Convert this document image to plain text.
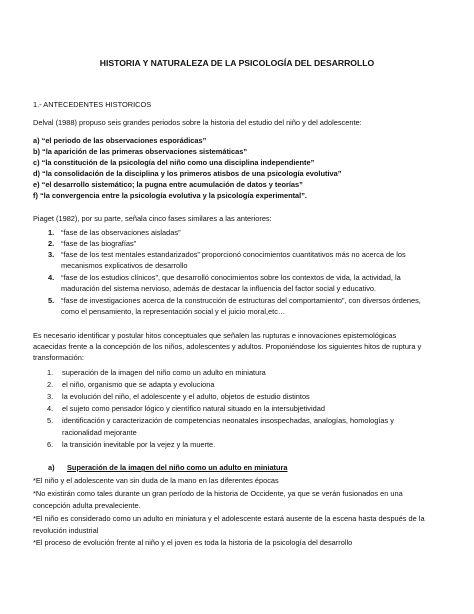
HISTORIA Y NATURALEZA DE LA PSICOLOGÍA DEL DESARROLLO
1.- ANTECEDENTES HISTORICOS
Delval (1988) propuso seis grandes periodos sobre la historia del estudio del niño y del adolescente:
a) “el periodo de las observaciones esporádicas”
b) “la aparición de las primeras observaciones sistemáticas”
c) “la constitución de la psicología del niño como una disciplina independiente”
d) “la consolidación de la disciplina y los primeros atisbos de una psicología evolutiva”
e) “el desarrollo sistemático; la pugna entre acumulación de datos y teorías”
f) “la convergencia entre la psicología evolutiva y la psicología experimental”.
Piaget (1982), por su parte, señala cinco fases similares a las anteriores:
1. “fase de las observaciones aisladas”
2. “fase de las biografías”
3. “fase de los test mentales estandarizados” proporcionó conocimientos cuantitativos más no acerca de los
mecanismos explicativos de desarrollo
4. “fase de los estudios clínicos”, que desarrolló conocimientos sobre los contextos de vida, la actividad, la
maduración del sistema nervioso, además de destacar la influencia del factor social y educativo.
5. “fase de investigaciones acerca de la construcción de estructuras del comportamiento”, con diversos órdenes,
como el pensamiento, la representación social y el juicio moral,etc…
Es necesario identificar y postular hitos conceptuales que señalen las rupturas e innovaciones epistemológicas
acaecidas frente a la concepción de los niños, adolescentes y adultos. Proponiéndose los siguientes hitos de ruptura y
transformación:
1. superación de la imagen del niño como un adulto en miniatura
2. el niño, organismo que se adapta y evoluciona
3. la evolución del niño, el adolescente y el adulto, objetos de estudio distintos
4. el sujeto como pensador lógico y científico natural situado en la intersubjetividad
5. identificación y caracterización de competencias neonatales insospechadas, analogías, homologías y
racionalidad mejorante
6. la transición inevitable por la vejez y la muerte.
a) Superación de la imagen del niño como un adulto en miniatura
*El niño y el adolescente van sin duda de la mano en las diferentes épocas
*No existirán como tales durante un gran período de la historia de Occidente, ya que se verán fusionados en una
concepción adulta prevaleciente.
*El niño es considerado como un adulto en miniatura y el adolescente estará ausente de la escena hasta después de la
revolución industrial
*El proceso de evolución frente al niño y el joven es toda la historia de la psicología del desarrollo
